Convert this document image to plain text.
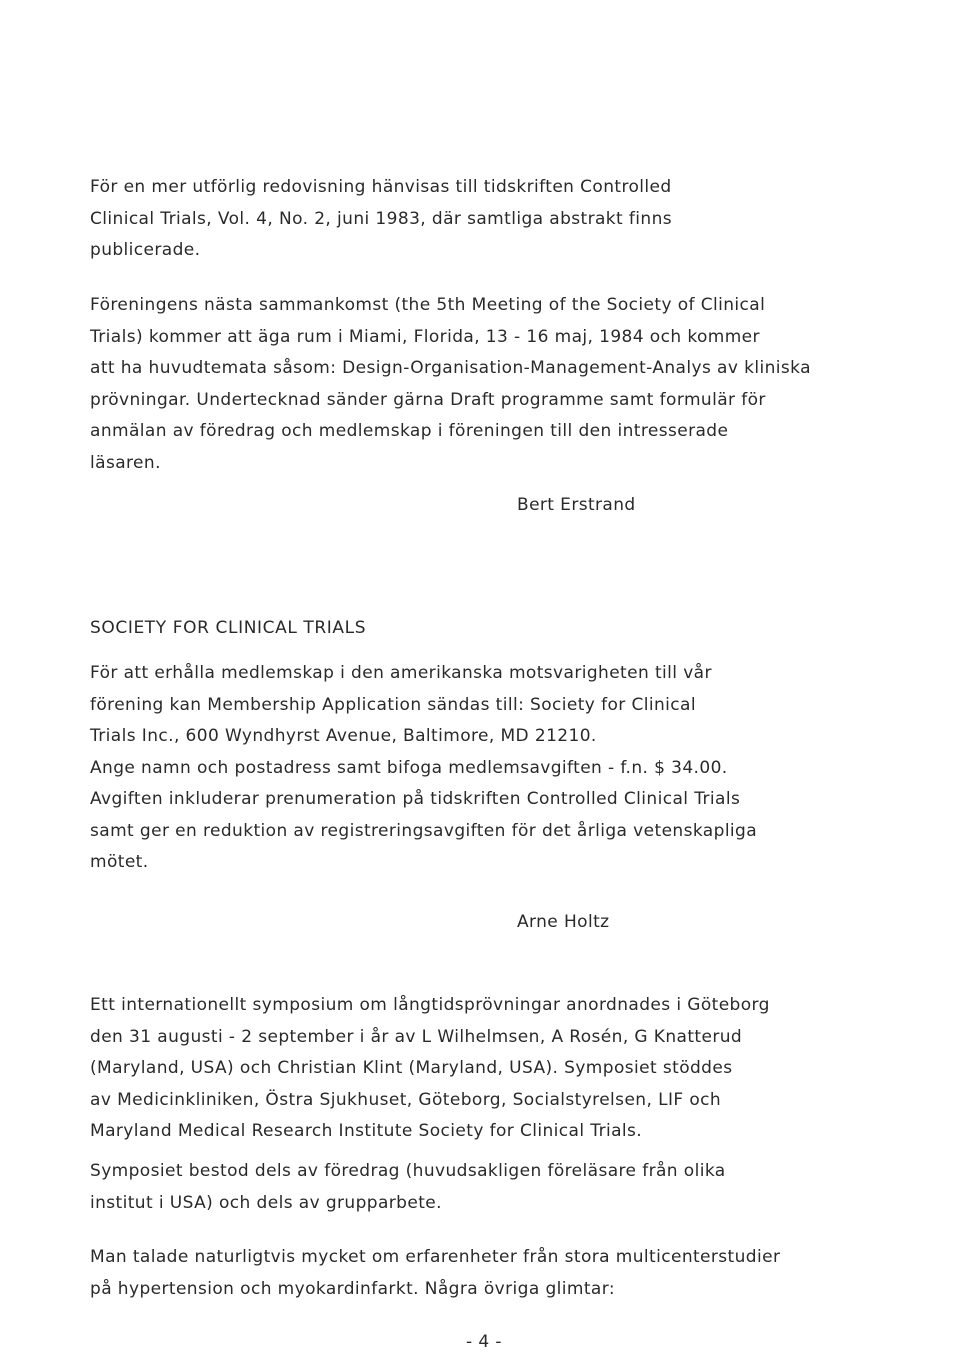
För en mer utförlig redovisning hänvisas till tidskriften Controlled
Clinical Trials, Vol. 4, No. 2, juni 1983, där samtliga abstrakt finns
publicerade.

Föreningens nästa sammankomst (the 5th Meeting of the Society of Clinical
Trials) kommer att äga rum i Miami, Florida, 13 - 16 maj, 1984 och kommer
att ha huvudtemata såsom: Design-Organisation-Management-Analys av kliniska
prövningar. Undertecknad sänder gärna Draft programme samt formulär för
anmälan av föredrag och medlemskap i föreningen till den intresserade
läsaren.

Bert Erstrand

SOCIETY FOR CLINICAL TRIALS

För att erhålla medlemskap i den amerikanska motsvarigheten till vår
förening kan Membership Application sändas till: Society for Clinical
Trials Inc., 600 Wyndhyrst Avenue, Baltimore, MD 21210.
Ange namn och postadress samt bifoga medlemsavgiften - f.n. $ 34.00.
Avgiften inkluderar prenumeration på tidskriften Controlled Clinical Trials
samt ger en reduktion av registreringsavgiften för det årliga vetenskapliga
mötet.

Arne Holtz

Ett internationellt symposium om långtidsprövningar anordnades i Göteborg
den 31 augusti - 2 september i år av L Wilhelmsen, A Rosén, G Knatterud
(Maryland, USA) och Christian Klint (Maryland, USA). Symposiet stöddes
av Medicinkliniken, Östra Sjukhuset, Göteborg, Socialstyrelsen, LIF och
Maryland Medical Research Institute Society for Clinical Trials.

Symposiet bestod dels av föredrag (huvudsakligen föreläsare från olika
institut i USA) och dels av grupparbete.

Man talade naturligtvis mycket om erfarenheter från stora multicenterstudier
på hypertension och myokardinfarkt. Några övriga glimtar:

- 4 -
